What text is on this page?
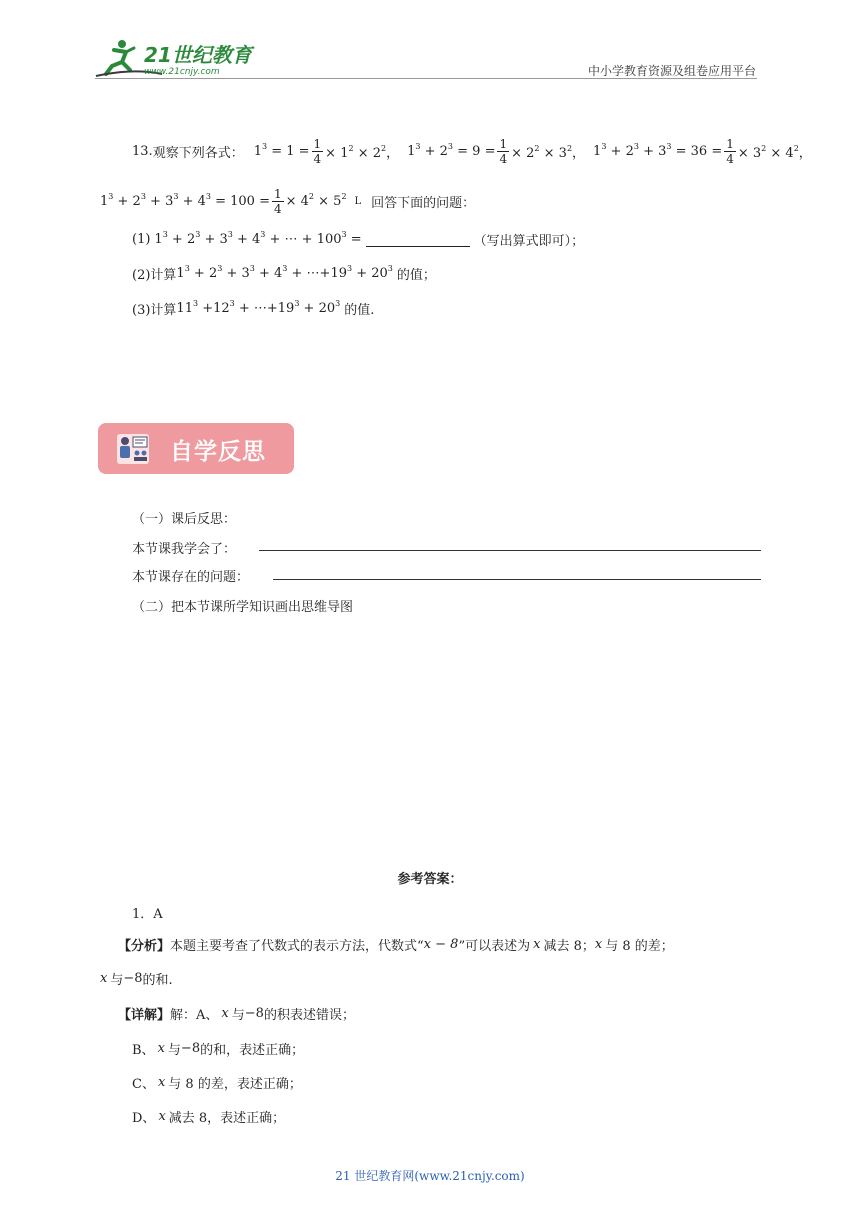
21世纪教育
www.21cnjy.com	中小学教育资源及组卷应用平台
13. 观察下列各式： $1^3 = 1 = \frac{1}{4} \times 1^2 \times 2^2$， $1^3 + 2^3 = 9 = \frac{1}{4} \times 2^2 \times 3^2$， $1^3 + 2^3 + 3^3 = 36 = \frac{1}{4} \times 3^2 \times 4^2$，
$1^3 + 2^3 + 3^3 + 4^3 = 100 = \frac{1}{4} \times 4^2 \times 5^2$ L 回答下面的问题：
(1) $1^3 + 2^3 + 3^3 + 4^3$ + ⋯ + $100^3$ =	（写出算式即可）；
(2)计算 $1^3 + 2^3 + 3^3 + 4^3$ + $\cdots+19^3 + 20^3$ 的值；
(3)计算 $11^3 +12^3$ + $\cdots+19^3 + 20^3$ 的值.
自学反思
（一）课后反思：
本节课我学会了：
本节课存在的问题：
（二）把本节课所学知识画出思维导图
参考答案：
1．A
【分析】 本题主要考查了代数式的表示方法，代数式“ x − 8 ”可以表述为 x 减去 8； x 与 8 的差；
x 与 −8 的和.
【详解】 解：A、 x 与 −8 的积表述错误；
B、 x 与 −8 的和，表述正确；
C、 x 与 8 的差，表述正确；
D、 x 减去 8，表述正确；
21 世纪教育网(www.21cnjy.com)
